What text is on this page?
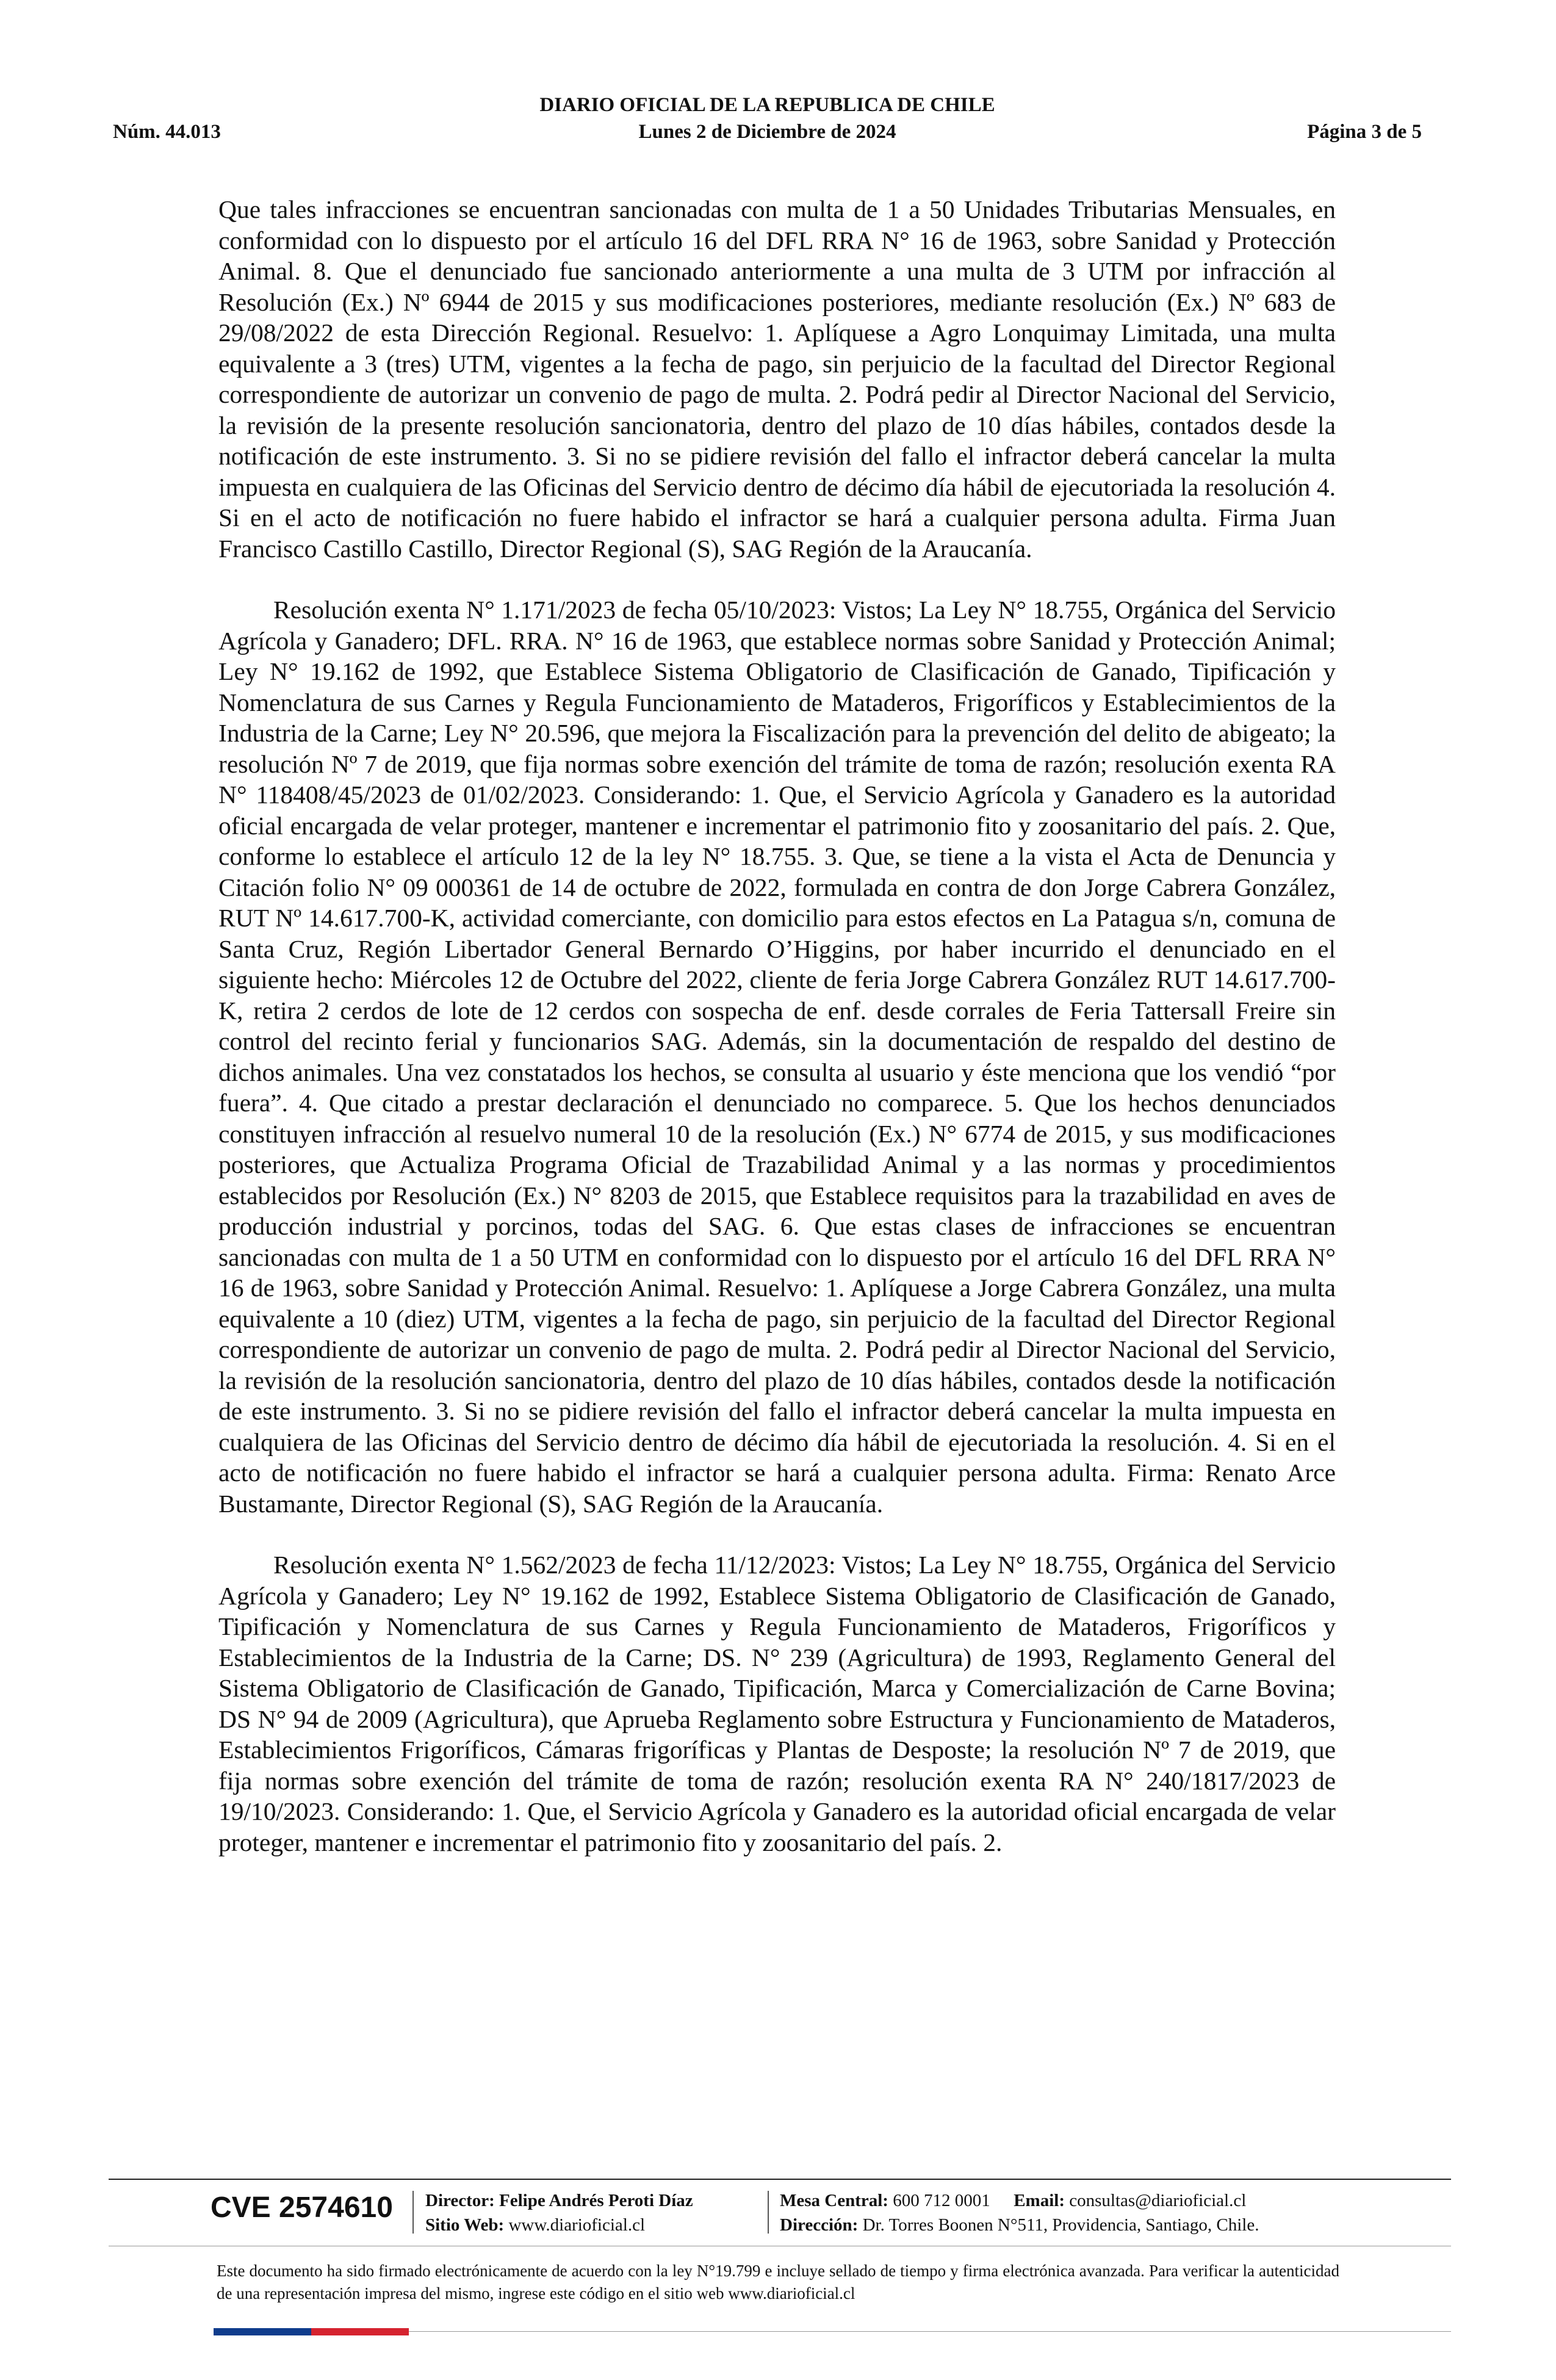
DIARIO OFICIAL DE LA REPUBLICA DE CHILE
Núm. 44.013	Lunes 2 de Diciembre de 2024	Página 3 de 5

Que tales infracciones se encuentran sancionadas con multa de 1 a 50 Unidades Tributarias Mensuales, en conformidad con lo dispuesto por el artículo 16 del DFL RRA N° 16 de 1963, sobre Sanidad y Protección Animal. 8. Que el denunciado fue sancionado anteriormente a una multa de 3 UTM por infracción al Resolución (Ex.) Nº 6944 de 2015 y sus modificaciones posteriores, mediante resolución (Ex.) Nº 683 de 29/08/2022 de esta Dirección Regional. Resuelvo: 1. Aplíquese a Agro Lonquimay Limitada, una multa equivalente a 3 (tres) UTM, vigentes a la fecha de pago, sin perjuicio de la facultad del Director Regional correspondiente de autorizar un convenio de pago de multa. 2. Podrá pedir al Director Nacional del Servicio, la revisión de la presente resolución sancionatoria, dentro del plazo de 10 días hábiles, contados desde la notificación de este instrumento. 3. Si no se pidiere revisión del fallo el infractor deberá cancelar la multa impuesta en cualquiera de las Oficinas del Servicio dentro de décimo día hábil de ejecutoriada la resolución 4. Si en el acto de notificación no fuere habido el infractor se hará a cualquier persona adulta. Firma Juan Francisco Castillo Castillo, Director Regional (S), SAG Región de la Araucanía.

Resolución exenta N° 1.171/2023 de fecha 05/10/2023: Vistos; La Ley N° 18.755, Orgánica del Servicio Agrícola y Ganadero; DFL. RRA. N° 16 de 1963, que establece normas sobre Sanidad y Protección Animal; Ley N° 19.162 de 1992, que Establece Sistema Obligatorio de Clasificación de Ganado, Tipificación y Nomenclatura de sus Carnes y Regula Funcionamiento de Mataderos, Frigoríficos y Establecimientos de la Industria de la Carne; Ley N° 20.596, que mejora la Fiscalización para la prevención del delito de abigeato; la resolución Nº 7 de 2019, que fija normas sobre exención del trámite de toma de razón; resolución exenta RA N° 118408/45/2023 de 01/02/2023. Considerando: 1. Que, el Servicio Agrícola y Ganadero es la autoridad oficial encargada de velar proteger, mantener e incrementar el patrimonio fito y zoosanitario del país. 2. Que, conforme lo establece el artículo 12 de la ley N° 18.755. 3. Que, se tiene a la vista el Acta de Denuncia y Citación folio N° 09 000361 de 14 de octubre de 2022, formulada en contra de don Jorge Cabrera González, RUT Nº 14.617.700-K, actividad comerciante, con domicilio para estos efectos en La Patagua s/n, comuna de Santa Cruz, Región Libertador General Bernardo O’Higgins, por haber incurrido el denunciado en el siguiente hecho: Miércoles 12 de Octubre del 2022, cliente de feria Jorge Cabrera González RUT 14.617.700-K, retira 2 cerdos de lote de 12 cerdos con sospecha de enf. desde corrales de Feria Tattersall Freire sin control del recinto ferial y funcionarios SAG. Además, sin la documentación de respaldo del destino de dichos animales. Una vez constatados los hechos, se consulta al usuario y éste menciona que los vendió “por fuera”. 4. Que citado a prestar declaración el denunciado no comparece. 5. Que los hechos denunciados constituyen infracción al resuelvo numeral 10 de la resolución (Ex.) N° 6774 de 2015, y sus modificaciones posteriores, que Actualiza Programa Oficial de Trazabilidad Animal y a las normas y procedimientos establecidos por Resolución (Ex.) N° 8203 de 2015, que Establece requisitos para la trazabilidad en aves de producción industrial y porcinos, todas del SAG. 6. Que estas clases de infracciones se encuentran sancionadas con multa de 1 a 50 UTM en conformidad con lo dispuesto por el artículo 16 del DFL RRA N° 16 de 1963, sobre Sanidad y Protección Animal. Resuelvo: 1. Aplíquese a Jorge Cabrera González, una multa equivalente a 10 (diez) UTM, vigentes a la fecha de pago, sin perjuicio de la facultad del Director Regional correspondiente de autorizar un convenio de pago de multa. 2. Podrá pedir al Director Nacional del Servicio, la revisión de la resolución sancionatoria, dentro del plazo de 10 días hábiles, contados desde la notificación de este instrumento. 3. Si no se pidiere revisión del fallo el infractor deberá cancelar la multa impuesta en cualquiera de las Oficinas del Servicio dentro de décimo día hábil de ejecutoriada la resolución. 4. Si en el acto de notificación no fuere habido el infractor se hará a cualquier persona adulta. Firma: Renato Arce Bustamante, Director Regional (S), SAG Región de la Araucanía.

Resolución exenta N° 1.562/2023 de fecha 11/12/2023: Vistos; La Ley N° 18.755, Orgánica del Servicio Agrícola y Ganadero; Ley N° 19.162 de 1992, Establece Sistema Obligatorio de Clasificación de Ganado, Tipificación y Nomenclatura de sus Carnes y Regula Funcionamiento de Mataderos, Frigoríficos y Establecimientos de la Industria de la Carne; DS. N° 239 (Agricultura) de 1993, Reglamento General del Sistema Obligatorio de Clasificación de Ganado, Tipificación, Marca y Comercialización de Carne Bovina; DS N° 94 de 2009 (Agricultura), que Aprueba Reglamento sobre Estructura y Funcionamiento de Mataderos, Establecimientos Frigoríficos, Cámaras frigoríficas y Plantas de Desposte; la resolución Nº 7 de 2019, que fija normas sobre exención del trámite de toma de razón; resolución exenta RA N° 240/1817/2023 de 19/10/2023. Considerando: 1. Que, el Servicio Agrícola y Ganadero es la autoridad oficial encargada de velar proteger, mantener e incrementar el patrimonio fito y zoosanitario del país. 2.

CVE 2574610 Director: Felipe Andrés Peroti Díaz
Sitio Web: www.diarioficial.cl
Mesa Central: 600 712 0001 Email: consultas@diarioficial.cl
Dirección: Dr. Torres Boonen N°511, Providencia, Santiago, Chile.
Este documento ha sido firmado electrónicamente de acuerdo con la ley N°19.799 e incluye sellado de tiempo y firma electrónica avanzada. Para verificar la autenticidad de una representación impresa del mismo, ingrese este código en el sitio web www.diarioficial.cl
